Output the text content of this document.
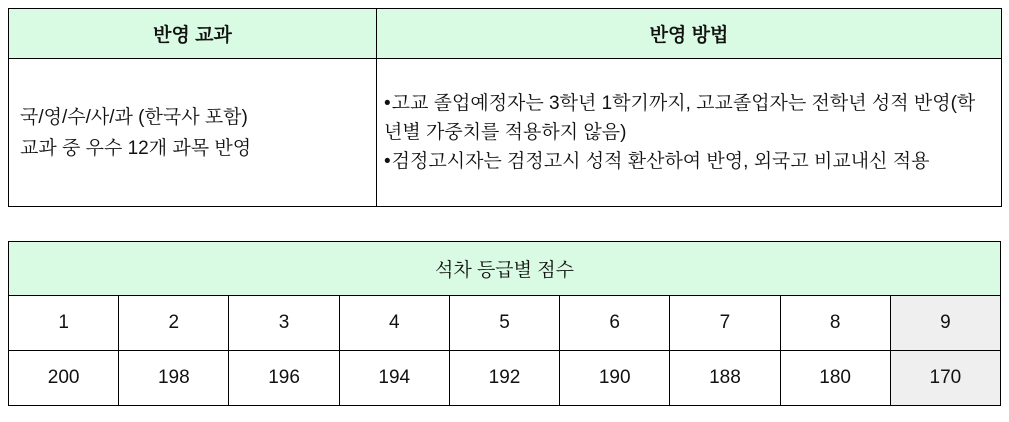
반영 교과	반영 방법

국/영/수/사/과 (한국사 포함)
교과 중 우수 12개 과목 반영

•고교 졸업예정자는 3학년 1학기까지, 고교졸업자는 전학년 성적 반영(학년별 가중치를 적용하지 않음)
•검정고시자는 검정고시 성적 환산하여 반영, 외국고 비교내신 적용
석차 등급별 점수								
1	2	3	4	5	6	7	8	9
200	198	196	194	192	190	188	180	170
